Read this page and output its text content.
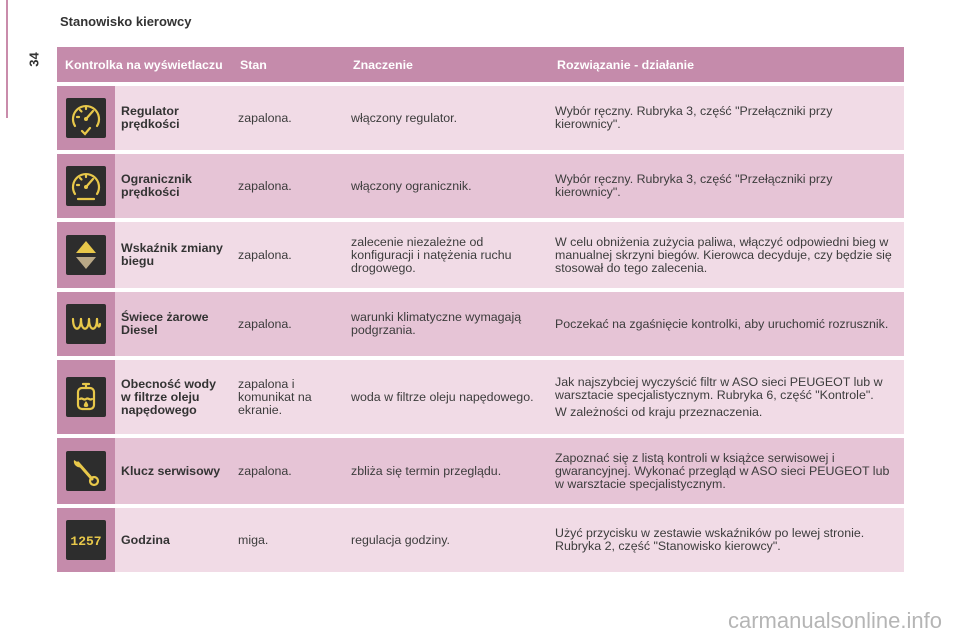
34
Stanowisko kierowcy
Kontrolka na wyświetlaczu		Stan	Znaczenie	Rozwiązanie - działanie

	Regulator prędkości	zapalona.	włączony regulator.	Wybór ręczny. Rubryka 3, część "Przełączniki przy kierownicy".

	Ogranicznik prędkości	zapalona.	włączony ogranicznik.	Wybór ręczny. Rubryka 3, część "Przełączniki przy kierownicy".

	Wskaźnik zmiany biegu	zapalona.	zalecenie niezależne od konfiguracji i natężenia ruchu drogowego.	W celu obniżenia zużycia paliwa, włączyć odpowiedni bieg w manualnej skrzyni biegów. Kierowca decyduje, czy będzie się stosował do tego zalecenia.

	Świece żarowe Diesel	zapalona.	warunki klimatyczne wymagają podgrzania.	Poczekać na zgaśnięcie kontrolki, aby uruchomić rozrusznik.

	Obecność wody w filtrze oleju napędowego	zapalona i komunikat na ekranie.	woda w filtrze oleju napędowego.	Jak najszybciej wyczyścić filtr w ASO sieci PEUGEOT lub w warsztacie specjalistycznym. Rubryka 6, część "Kontrole".
W zależności od kraju przeznaczenia.

	Klucz serwisowy	zapalona.	zbliża się termin przeglądu.	Zapoznać się z listą kontroli w książce serwisowej i gwarancyjnej. Wykonać przegląd w ASO sieci PEUGEOT lub w warsztacie specjalistycznym.

1257	Godzina	miga.	regulacja godziny.	Użyć przycisku w zestawie wskaźników po lewej stronie. Rubryka 2, część "Stanowisko kierowcy".
carmanualsonline.info
